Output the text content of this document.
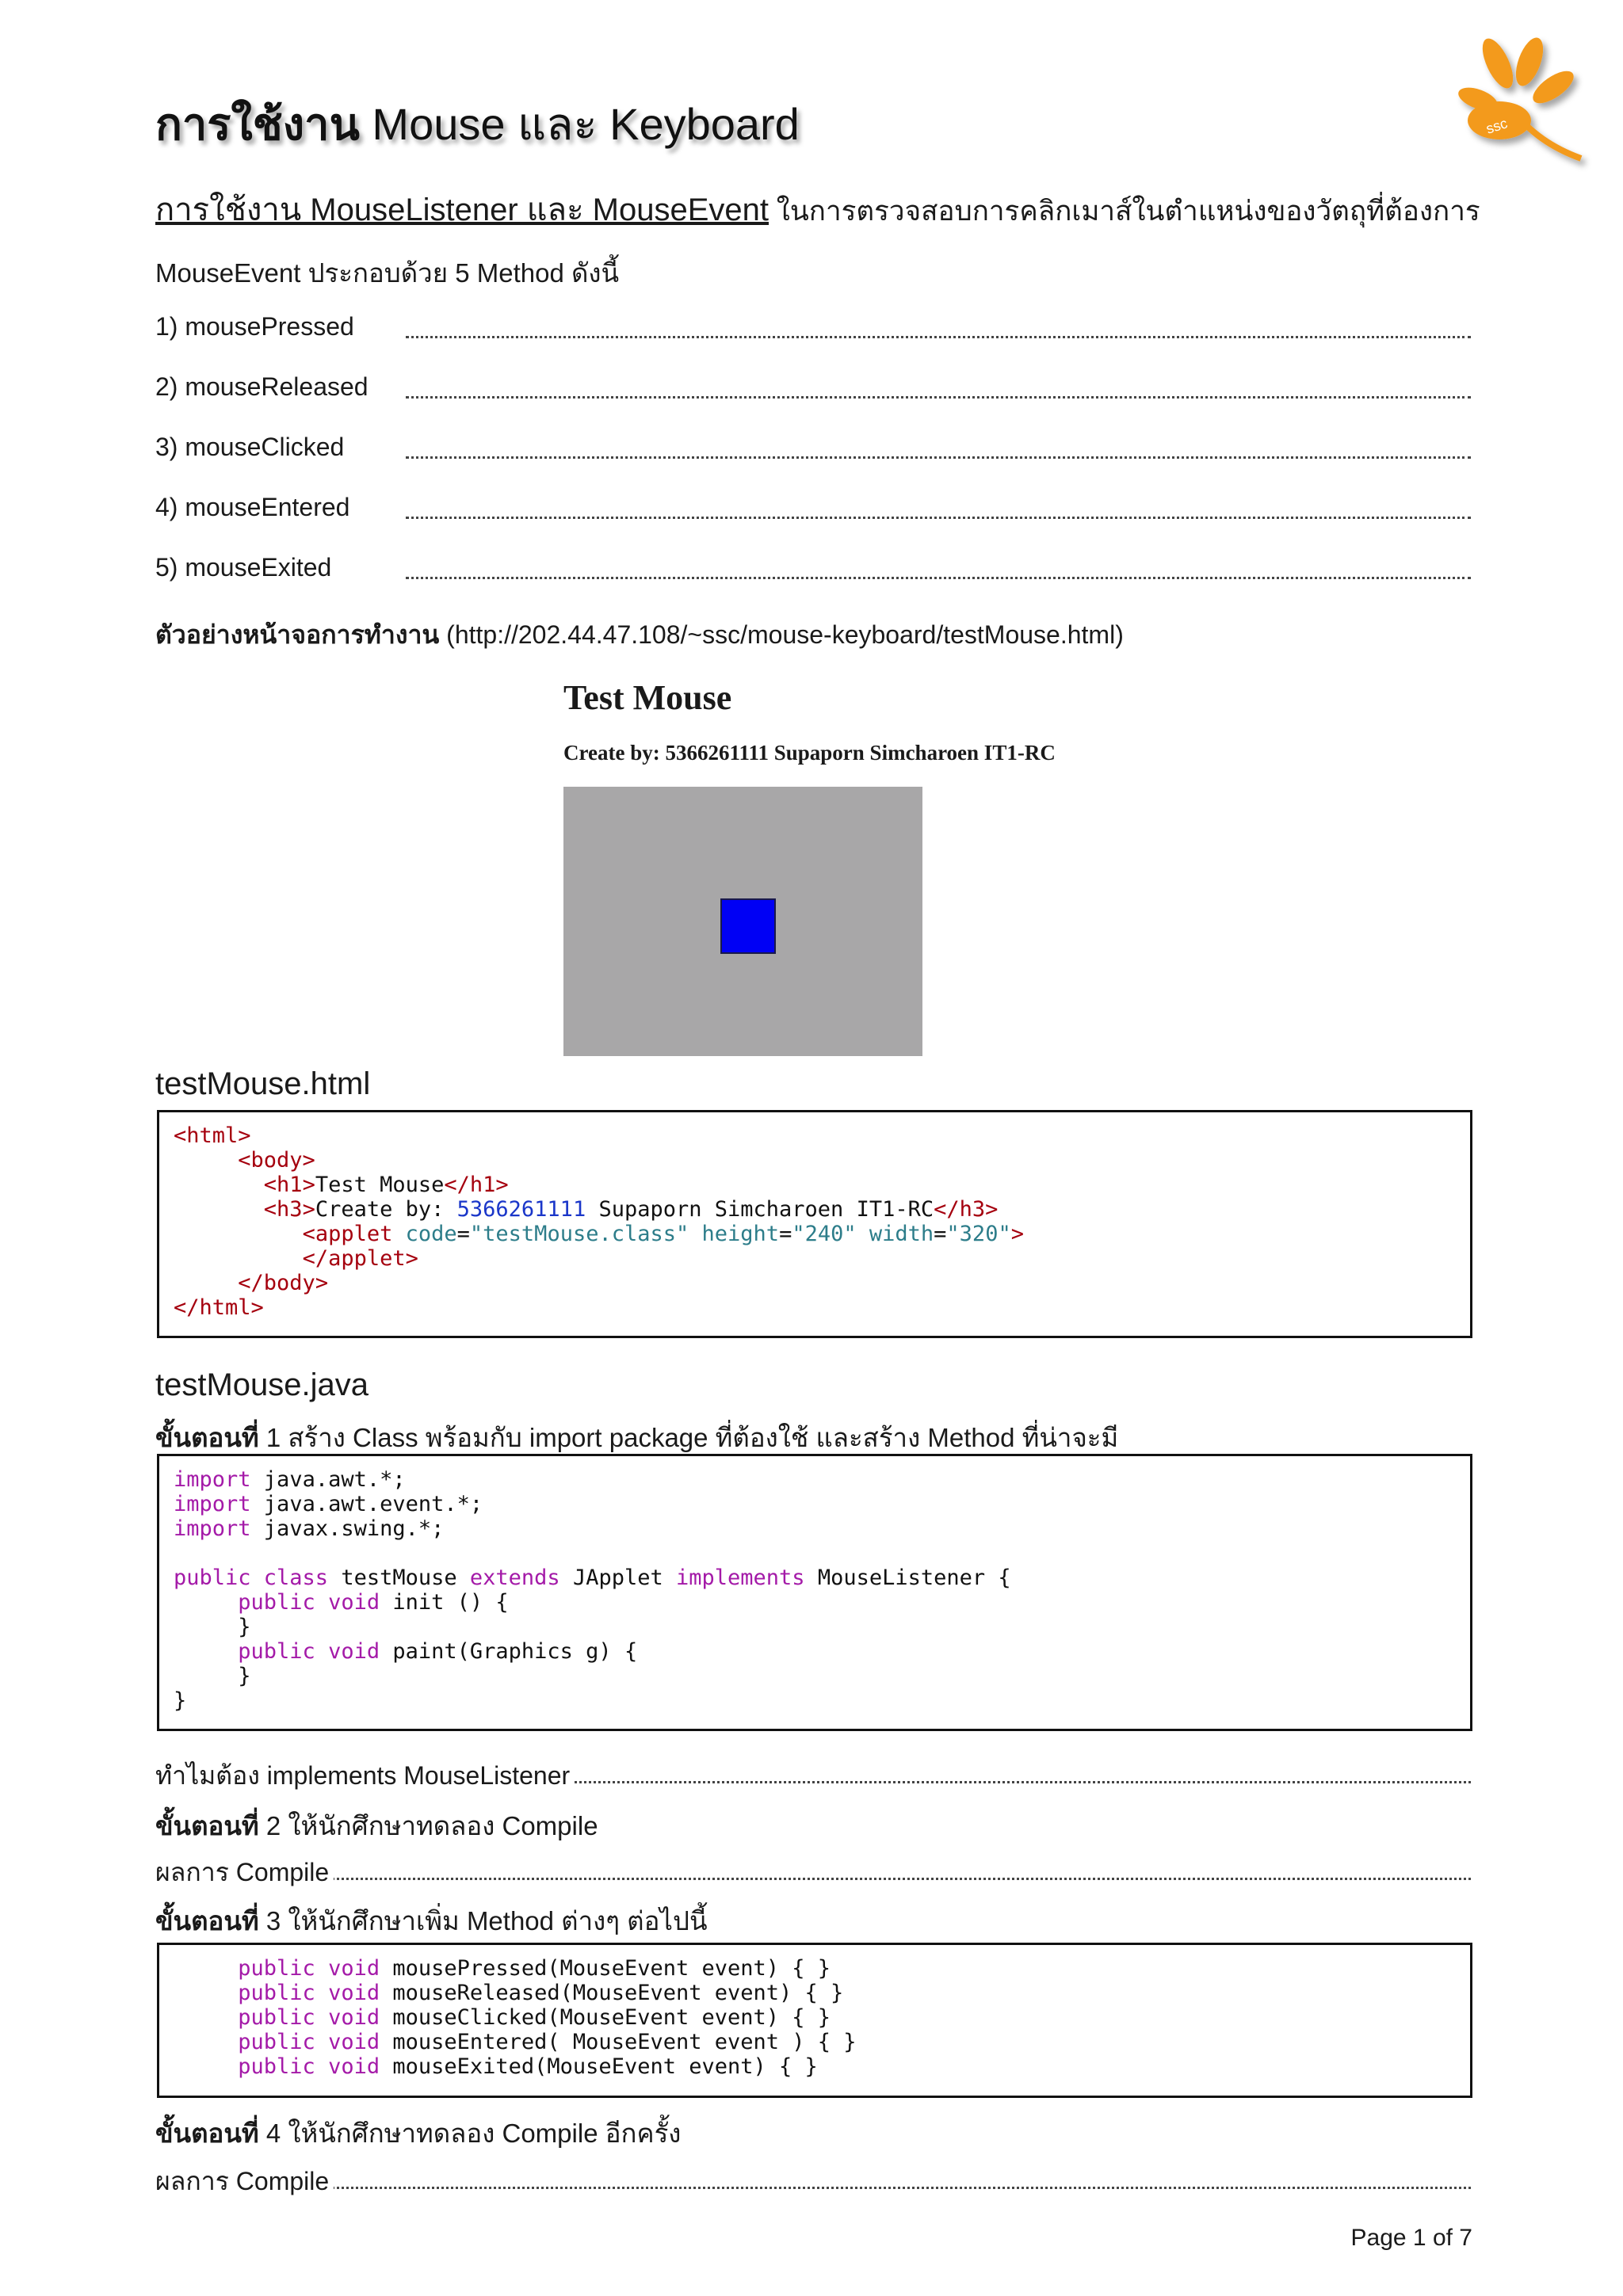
การใช้งาน Mouse และ Keyboard	ssc
การใช้งาน MouseListener และ MouseEvent ในการตรวจสอบการคลิกเมาส์ในตำแหน่งของวัตถุที่ต้องการ
MouseEvent ประกอบด้วย 5 Method ดังนี้
1) mousePressed
2) mouseReleased
3) mouseClicked
4) mouseEntered
5) mouseExited
ตัวอย่างหน้าจอการทำงาน (http://202.44.47.108/~ssc/mouse-keyboard/testMouse.html)
Test Mouse
Create by: 5366261111 Supaporn Simcharoen IT1-RC
testMouse.html
<html>
<body>
<h1>Test Mouse</h1>
<h3>Create by: 5366261111 Supaporn Simcharoen IT1-RC</h3>
<applet code="testMouse.class" height="240" width="320">
</applet>
</body>
</html>
testMouse.java
ขั้นตอนที่ 1 สร้าง Class พร้อมกับ import package ที่ต้องใช้ และสร้าง Method ที่น่าจะมี
import java.awt.*;
import java.awt.event.*;
import javax.swing.*;

public class testMouse extends JApplet implements MouseListener {
public void init () {
}
public void paint(Graphics g) {
}
}
ทำไมต้อง implements MouseListener
ขั้นตอนที่ 2 ให้นักศึกษาทดลอง Compile
ผลการ Compile
ขั้นตอนที่ 3 ให้นักศึกษาเพิ่ม Method ต่างๆ ต่อไปนี้
public void mousePressed(MouseEvent event) { }
public void mouseReleased(MouseEvent event) { }
public void mouseClicked(MouseEvent event) { }
public void mouseEntered( MouseEvent event ) { }
public void mouseExited(MouseEvent event) { }
ขั้นตอนที่ 4 ให้นักศึกษาทดลอง Compile อีกครั้ง
ผลการ Compile
Page 1 of 7
